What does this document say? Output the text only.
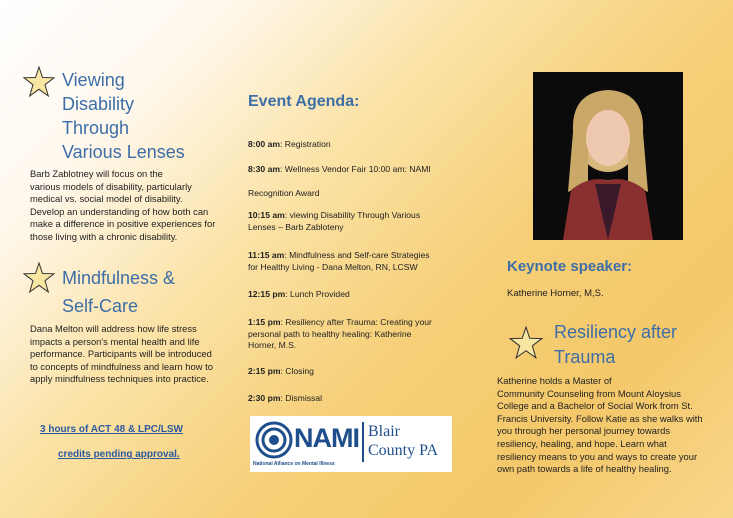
Viewing
Disability
Through
Various Lenses
Barb Zablotney will focus on the
various models of disability, particularly
medical vs. social model of disability.
Develop an understanding of how both can
make a difference in positive experiences for
those living with a chronic disability.
Mindfulness &
Self-Care
Dana Melton will address how life stress
impacts a person's mental health and life
performance. Participants will be introduced
to concepts of mindfulness and learn how to
apply mindfulness techniques into practice.
3 hours of ACT 48 & LPC/LSW
credits pending approval.
Event Agenda:
8:00 am: Registration
8:30 am: Wellness Vendor Fair 10:00 am: NAMI
Recognition Award
10:15 am: viewing Disability Through Various
Lenses – Barb Zabloteny
11:15 am: Mindfulness and Self-care Strategies
for Healthy Living - Dana Melton, RN, LCSW
12:15 pm: Lunch Provided
1:15 pm: Resiliency after Trauma: Creating your
personal path to healthy healing: Katherine
Horner, M.S.
2:15 pm: Closing
2:30 pm: Dismissal
NAMI
National Alliance on Mental Illness
Blair
County PA
Keynote speaker:
Katherine Horner, M,S.
Resiliency after
Trauma
Katherine holds a Master of
Community Counseling from Mount Aloysius
College and a Bachelor of Social Work from St.
Francis University. Follow Katie as she walks with
you through her personal journey towards
resiliency, healing, and hope. Learn what
resiliency means to you and ways to create your
own path towards a life of healthy healing.
